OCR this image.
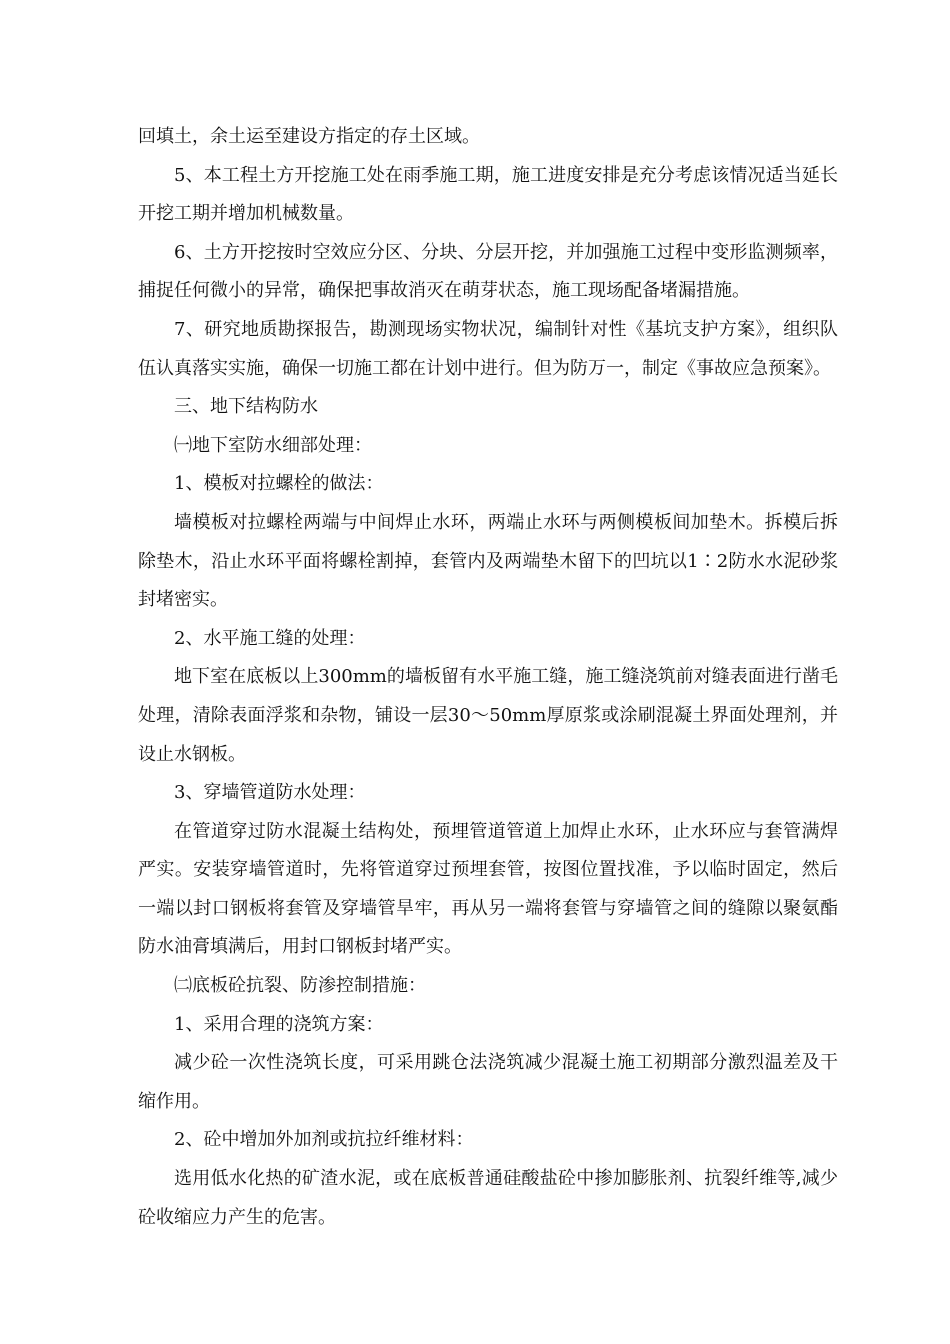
回填土，余土运至建设方指定的存土区域。

5、本工程土方开挖施工处在雨季施工期，施工进度安排是充分考虑该情况适当延长开挖工期并增加机械数量。

6、土方开挖按时空效应分区、分块、分层开挖，并加强施工过程中变形监测频率，捕捉任何微小的异常，确保把事故消灭在萌芽状态，施工现场配备堵漏措施。

7、研究地质勘探报告，勘测现场实物状况，编制针对性《基坑支护方案》，组织队伍认真落实实施，确保一切施工都在计划中进行。但为防万一，制定《事故应急预案》。

三、地下结构防水

㈠地下室防水细部处理：

1、模板对拉螺栓的做法：

墙模板对拉螺栓两端与中间焊止水环，两端止水环与两侧模板间加垫木。拆模后拆除垫木，沿止水环平面将螺栓割掉，套管内及两端垫木留下的凹坑以1∶2防水水泥砂浆封堵密实。

2、水平施工缝的处理：

地下室在底板以上300mm的墙板留有水平施工缝，施工缝浇筑前对缝表面进行凿毛处理，清除表面浮浆和杂物，铺设一层30～50mm厚原浆或涂刷混凝土界面处理剂，并设止水钢板。

3、穿墙管道防水处理：

在管道穿过防水混凝土结构处，预埋管道管道上加焊止水环，止水环应与套管满焊严实。安装穿墙管道时，先将管道穿过预埋套管，按图位置找准，予以临时固定，然后一端以封口钢板将套管及穿墙管旱牢，再从另一端将套管与穿墙管之间的缝隙以聚氨酯防水油膏填满后，用封口钢板封堵严实。

㈡底板砼抗裂、防渗控制措施：

1、采用合理的浇筑方案：

减少砼一次性浇筑长度，可采用跳仓法浇筑减少混凝土施工初期部分激烈温差及干缩作用。

2、砼中增加外加剂或抗拉纤维材料：

选用低水化热的矿渣水泥，或在底板普通硅酸盐砼中掺加膨胀剂、抗裂纤维等,减少砼收缩应力产生的危害。
